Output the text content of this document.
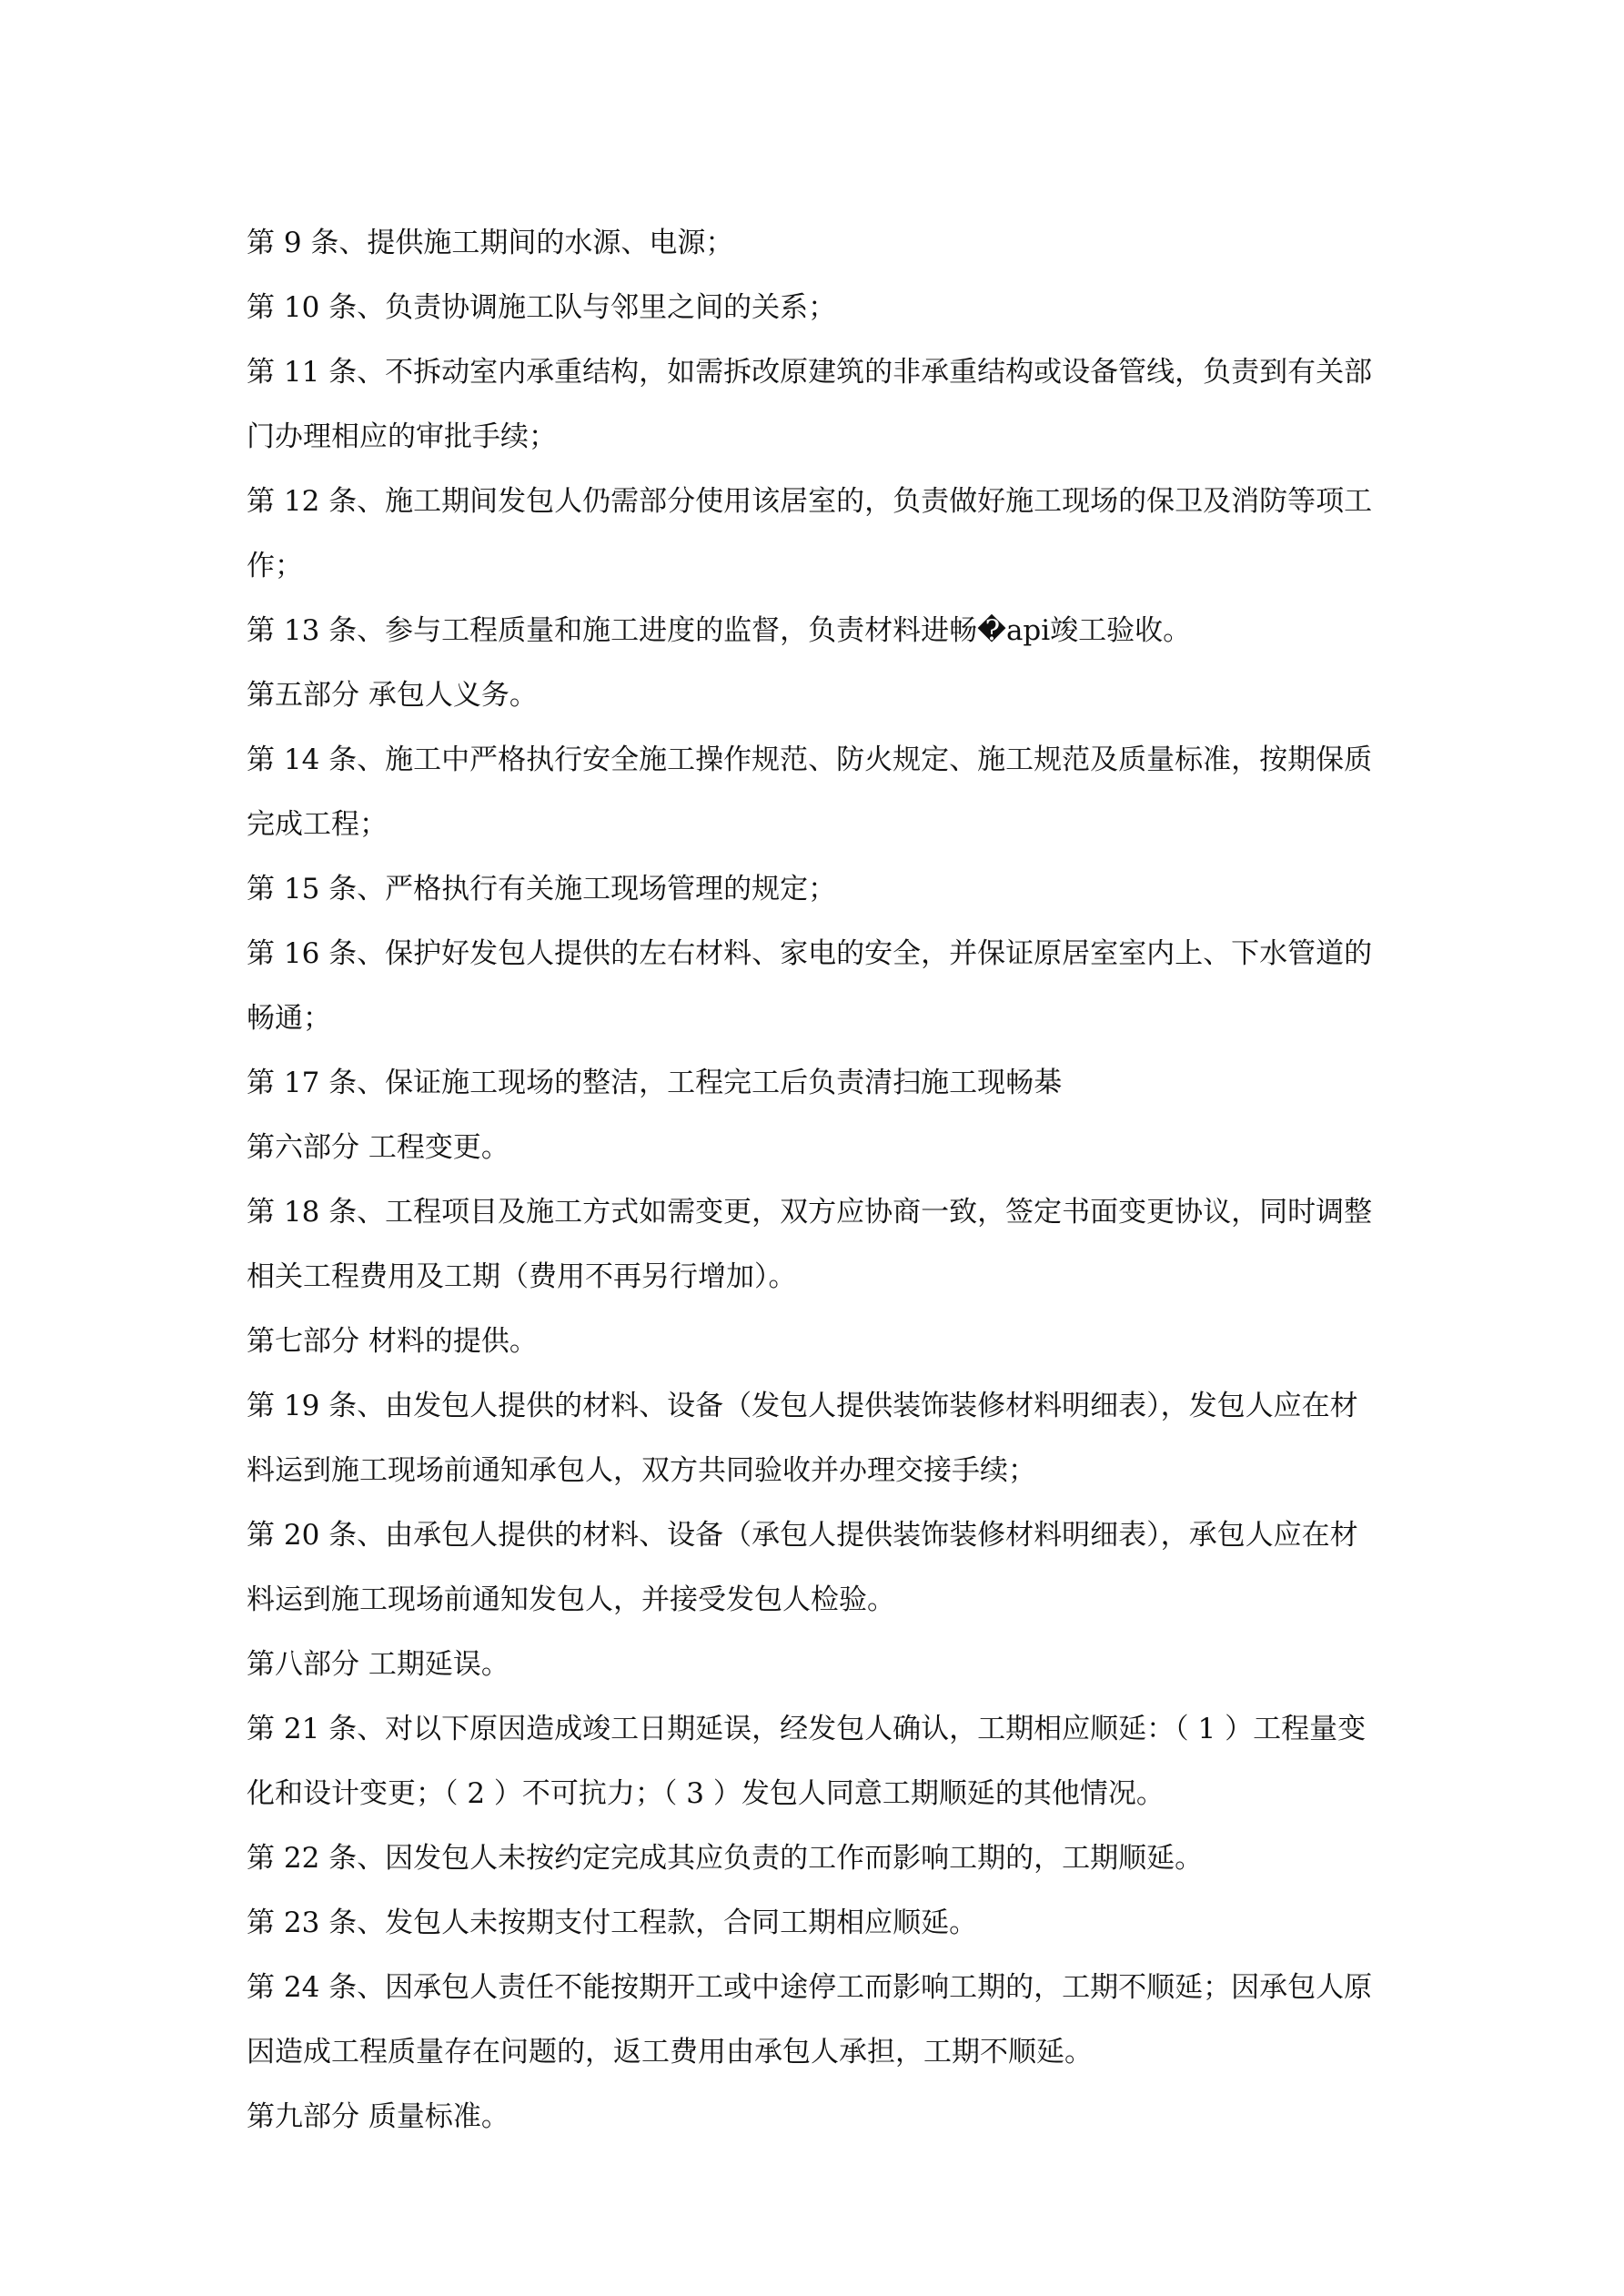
第 9 条、提供施工期间的水源、电源；
第 10 条、负责协调施工队与邻里之间的关系；
第 11 条、不拆动室内承重结构，如需拆改原建筑的非承重结构或设备管线，负责到有关部
门办理相应的审批手续；
第 12 条、施工期间发包人仍需部分使用该居室的，负责做好施工现场的保卫及消防等项工
作；
第 13 条、参与工程质量和施工进度的监督，负责材料进畅�api竣工验收。
第五部分 承包人义务。
第 14 条、施工中严格执行安全施工操作规范、防火规定、施工规范及质量标准，按期保质
完成工程；
第 15 条、严格执行有关施工现场管理的规定；
第 16 条、保护好发包人提供的左右材料、家电的安全，并保证原居室室内上、下水管道的
畅通；
第 17 条、保证施工现场的整洁，工程完工后负责清扫施工现畅棊
第六部分 工程变更。
第 18 条、工程项目及施工方式如需变更，双方应协商一致，签定书面变更协议，同时调整
相关工程费用及工期（费用不再另行增加）。
第七部分 材料的提供。
第 19 条、由发包人提供的材料、设备（发包人提供装饰装修材料明细表），发包人应在材
料运到施工现场前通知承包人，双方共同验收并办理交接手续；
第 20 条、由承包人提供的材料、设备（承包人提供装饰装修材料明细表），承包人应在材
料运到施工现场前通知发包人，并接受发包人检验。
第八部分 工期延误。
第 21 条、对以下原因造成竣工日期延误，经发包人确认，工期相应顺延：（ 1 ）工程量变
化和设计变更；（ 2 ）不可抗力；（ 3 ）发包人同意工期顺延的其他情况。
第 22 条、因发包人未按约定完成其应负责的工作而影响工期的，工期顺延。
第 23 条、发包人未按期支付工程款，合同工期相应顺延。
第 24 条、因承包人责任不能按期开工或中途停工而影响工期的，工期不顺延；因承包人原
因造成工程质量存在问题的，返工费用由承包人承担，工期不顺延。
第九部分 质量标准。
